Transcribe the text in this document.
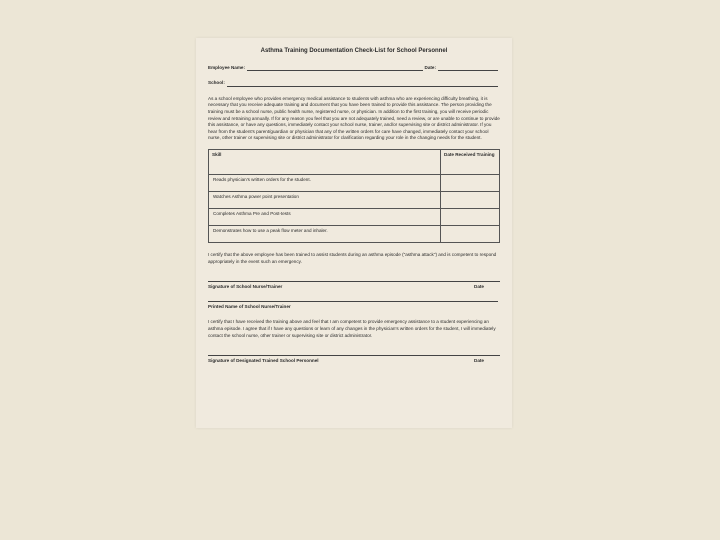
Asthma Training Documentation Check-List for School Personnel
Employee Name:	Date:
School:
As a school employee who provides emergency medical assistance to students with asthma who are experiencing difficulty breathing, it is necessary that you receive adequate training and document that you have been trained to provide this assistance. The person providing the training must be a school nurse, public health nurse, registered nurse, or physician. In addition to the first training, you will receive periodic review and retraining annually. If for any reason you feel that you are not adequately trained, need a review, or are unable to continue to provide this assistance, or have any questions, immediately contact your school nurse, trainer, and/or supervising site or district administrator. If you hear from the student's parent/guardian or physician that any of the written orders for care have changed, immediately contact your school nurse, other trainer or supervising site or district administrator for clarification regarding your role in the changing needs for the student.
Skill	Date Received Training
Reads physician's written orders for the student.	
Watches Asthma power point presentation	
Completes Asthma Pre and Post-tests	
Demonstrates how to use a peak flow meter and inhaler.	
I certify that the above employee has been trained to assist students during an asthma episode ("asthma attack") and is competent to respond appropriately in the event such an emergency.
Signature of School Nurse/Trainer	Date
Printed Name of School Nurse/Trainer
I certify that I have received the training above and feel that I am competent to provide emergency assistance to a student experiencing an asthma episode. I agree that if I have any questions or learn of any changes in the physician's written orders for the student, I will immediately contact the school nurse, other trainer or supervising site or district administrator.
Signature of Designated Trained School Personnel	Date
